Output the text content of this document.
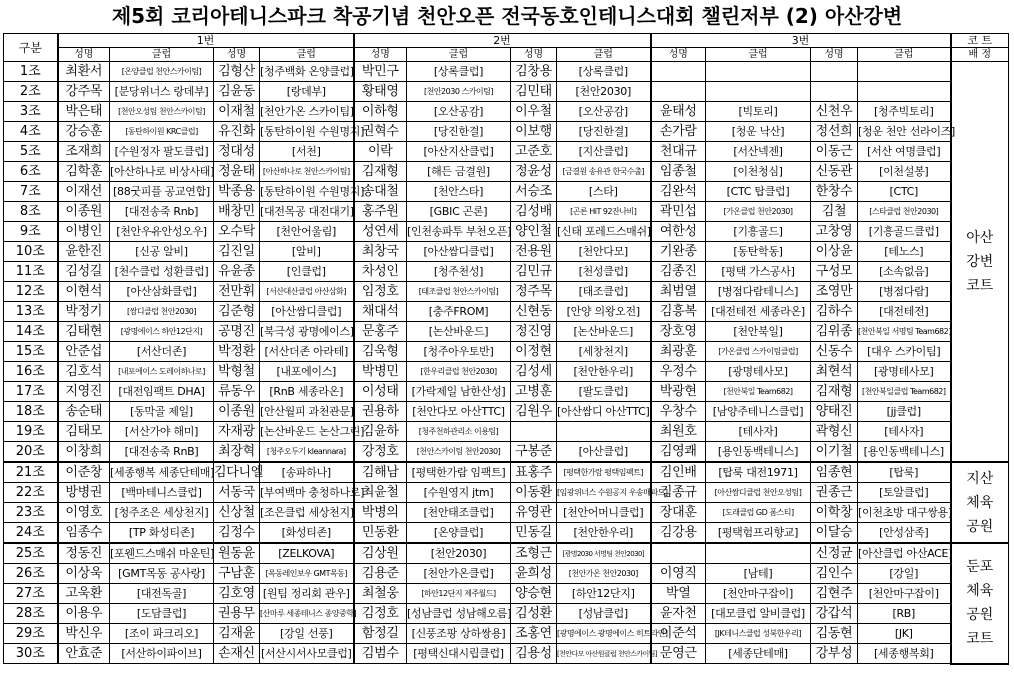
제5회 코리아테니스파크 착공기념 천안오픈 전국동호인테니스대회 챌린저부 (2) 아산강변
구분	1번				2번				3번				코 트
	성명	클럽	성명	클럽	성명	클럽	성명	클럽	성명	클럽	성명	클럽	배 정
1조	최환서	[온양클럽 천안스카이팀]	김형산	[청주백화 온양클럽]	박민구	[상록클럽]	김창용	[상록클럽]					아산
강변
코트
2조	강주목	[분당위너스 랑데부]	김윤동	[랑데부]	황태영	[천안2030 스카이팀]	김민태	[천안2030]					
3조	박은태	[천안오성팀 천안스카이팀]	이재철	[천안가온 스카이팀]	이하형	[오산공감]	이우철	[오산공감]	윤태성	[빅토리]	신천우	[청주빅토리]	
4조	강승훈	[동탄하이원 KRC클럽]	유진화	[동탄하이원 수원명지]	권혁수	[당진한결]	이보행	[당진한결]	손가람	[청운 낙산]	정선희	[청운 천안 선라이즈]	
5조	조재희	[수원정자 팔도클럽]	정대성	[서천]	이락	[아산지산클럽]	고준호	[지산클럽]	천대규	[서산넥젠]	이동근	[서산 여명클럽]	
6조	김학훈	[아산하나로 비상사태]	정윤태	[아산하나로 천안스카이팀]	김재형	[해든 금결원]	정윤성	[금결원 송유관 한국수출]	임종철	[이천청심]	신동관	[이천설봉]	
7조	이재선	[88굿피플 공교연합]	박종용	[동탄하이원 수원명지]	송대철	[천안스타]	서승조	[스타]	김완석	[CTC 탑클럽]	한창수	[CTC]	
8조	이종원	[대전송죽 Rnb]	배창민	[대전목공 대전대기]	홍주원	[GBIC 곤론]	김성배	[곤론 HiT 92잔나비]	곽민섭	[가온클럽 천안2030]	김철	[스타클럽 천안2030]	
9조	이병인	[천안우유안성오우]	오수탁	[천안어울림]	성연세	[인천송파투 부천오픈]	양인철	[신태 포레드스매쉬]	여한성	[기흥골드]	고창영	[기흥골드클럽]	
10조	윤한진	[신공 알비]	김진일	[알비]	최창국	[아산쌈디클럽]	전용원	[천안다모]	기완종	[동탄학동]	이상윤	[테노스]	
11조	김성길	[천수클럽 성환클럽]	유윤종	[인클럽]	차성인	[청주천성]	김민규	[천성클럽]	김종진	[평택 가스공사]	구성모	[소속없음]	
12조	이현석	[아산삼화클럽]	전만휘	[서산대산클럽 아산삼화]	임정호	[태조클럽 천안스카이팀]	정주목	[태조클럽]	최범열	[병점다람테니스]	조영만	[병점다람]	
13조	박정기	[쌈디클럽 천안2030]	김준형	[아산쌈디클럽]	채대석	[충주FROM]	신현동	[안양 의왕오전]	김흥복	[대전테전 세종라온]	김하수	[대전테전]	
14조	김태현	[광명에이스 하안12단지]	공명진	[북극성 광명에이스]	문홍주	[논산바운드]	정진영	[논산바운드]	장호영	[천안북일]	김위종	[천안북일 서명팀 Team682]	
15조	안준섭	[서산더존]	박정환	[서산더존 아라테]	김욱형	[청주아우토반]	이정현	[세창천지]	최광훈	[가온클럽 스카이팀클럽]	신동수	[대우 스카이팀]	
16조	김호석	[내포에이스 도레이하나로]	박형철	[내포에이스]	박병민	[한우리클럽 천안2030]	김성세	[천안한우리]	우정수	[광명테사모]	최현석	[광명테사모]	
17조	지영진	[대전임팩트 DHA]	류동우	[RnB 세종라온]	이성태	[가락제일 남한산성]	고병훈	[팔도클럽]	박광현	[천안북일 Team682]	김재형	[천안북일클럽 Team682]	
18조	송순태	[동막골 제일]	이종원	[안산월피 과천관문]	권용하	[천안다모 아산TTC]	김원우	[아산쌈디 아산TTC]	우창수	[남양주테니스클럽]	양태진	[jj클럽]	
19조	김태모	[서산가야 해미]	자재광	[논산바운드 논산그린]	김윤하	[청주천하관리소 이용팀]			최원호	[테사자]	곽형신	[테사자]	
20조	이창희	[대전송죽 RnB]	최장혁	[청주오두기 kleannara]	강정호	[천안스카이팀 천안2030]	구봉준	[아산클럽]	김영쾌	[용인동백테니스]	이기철	[용인동백테니스]	
21조	이준창	[세종행복 세종단테매]	김다니엘	[송파하나]	김해남	[평택한가람 임팩트]	표홍주	[평택한가람 평택임팩트]	김인배	[탑룩 대전1971]	임종현	[탑룩]	지산
체육
공원
22조	방병권	[백마테니스클럽]	서동국	[부여백마 충청하나로]	최윤철	[수원영지 jtm]	이동환	[임광위너스 수원공지 우송매파드]	김종규	[아산쌈디클럽 천안오성팀]	권종근	[토알클럽]	
23조	이영호	[청주조은 세상천지]	신상철	[조은클럽 세상천지]	박병의	[천안태조클럽]	유영관	[천안어머니클럽]	장대훈	[도래클럽 GD 폼스티]	이학창	[이천초방 대구쌍용]	
24조	임종수	[TP 화성티존]	김정수	[화성티존]	민동환	[온양클럽]	민동길	[천안한우리]	김강용	[평택험프리향교]	이달승	[안성삼족]	
25조	정동진	[포웬드스매쉬 마운틴]	원동윤	[ZELKOVA]	김상원	[천안2030]	조형근	[광명2030 서명팀 천안2030]			신정균	[아산클럽 아산ACE]	둔포
체육
공원
코트
26조	이상욱	[GMT목동 공사랑]	구남훈	[목동레인보우 GMT목동]	김용준	[천안가온클럽]	윤희성	[천안가온 천안2030]	이영직	[남테]	김인수	[강일]	
27조	고욱환	[대전독골]	김호영	[원팀 정리회 관우]	최철웅	[하안12단지 제주월드]	양승현	[하안12단지]	박열	[천안마구잡이]	김현주	[천안마구잡이]	
28조	이용우	[도담클럽]	권용무	[산마루 세종테니스 종양중학]	김정호	[성남클럽 성남해오름]	김성환	[성남클럽]	윤자천	[대모클럽 알비클럽]	강갑석	[RB]	
29조	박신우	[조이 파크리오]	김재윤	[강일 선풍]	함정길	[신풍조팡 상하쌍용]	조홍연	[광명에이스 광명에이스 히트라인]	이준석	[JK테니스클럽 성북한우리]	김동현	[JK]	
30조	안효준	[서산하이파이브]	손재신	[서산시서사모클럽]	김범수	[평택신대시립클럽]	김용성	[천안다모 아산원클럽 천안스카이팀]	문영근	[세종단테매]	강부성	[세종행복회]	
